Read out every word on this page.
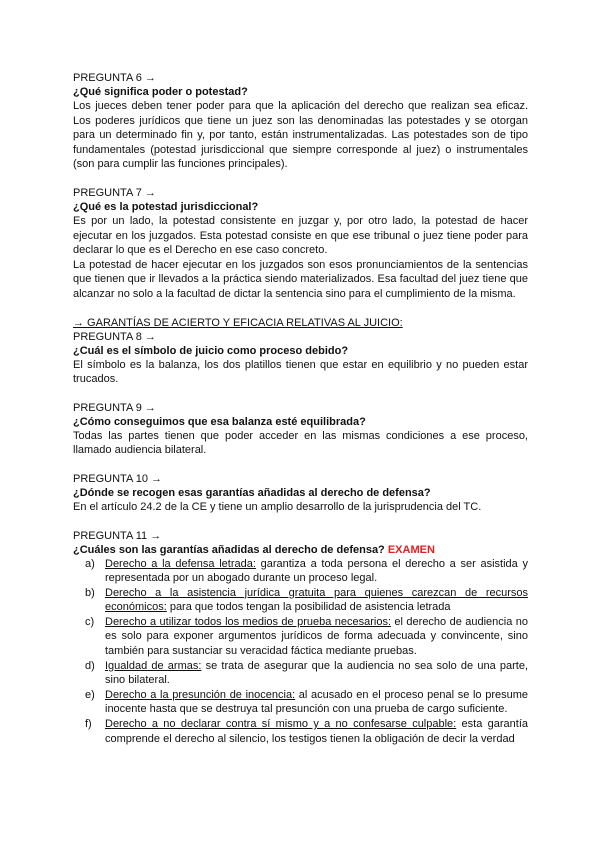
PREGUNTA 6 →

¿Qué significa poder o potestad?

Los jueces deben tener poder para que la aplicación del derecho que realizan sea eficaz. Los poderes jurídicos que tiene un juez son las denominadas las potestades y se otorgan para un determinado fin y, por tanto, están instrumentalizadas. Las potestades son de tipo fundamentales (potestad jurisdiccional que siempre corresponde al juez) o instrumentales (son para cumplir las funciones principales).

PREGUNTA 7 →

¿Qué es la potestad jurisdiccional?

Es por un lado, la potestad consistente en juzgar y, por otro lado, la potestad de hacer ejecutar en los juzgados. Esta potestad consiste en que ese tribunal o juez tiene poder para declarar lo que es el Derecho en ese caso concreto.

La potestad de hacer ejecutar en los juzgados son esos pronunciamientos de la sentencias que tienen que ir llevados a la práctica siendo materializados. Esa facultad del juez tiene que alcanzar no solo a la facultad de dictar la sentencia sino para el cumplimiento de la misma.

→ GARANTÍAS DE ACIERTO Y EFICACIA RELATIVAS AL JUICIO:

PREGUNTA 8 →

¿Cuál es el símbolo de juicio como proceso debido?

El símbolo es la balanza, los dos platillos tienen que estar en equilibrio y no pueden estar trucados.

PREGUNTA 9 →

¿Cómo conseguimos que esa balanza esté equilibrada?

Todas las partes tienen que poder acceder en las mismas condiciones a ese proceso, llamado audiencia bilateral.

PREGUNTA 10 →

¿Dónde se recogen esas garantías añadidas al derecho de defensa?

En el artículo 24.2 de la CE y tiene un amplio desarrollo de la jurisprudencia del TC.

PREGUNTA 11 →

¿Cuáles son las garantías añadidas al derecho de defensa? EXAMEN

a) Derecho a la defensa letrada: garantiza a toda persona el derecho a ser asistida y representada por un abogado durante un proceso legal.
b) Derecho a la asistencia jurídica gratuita para quienes carezcan de recursos económicos: para que todos tengan la posibilidad de asistencia letrada
c) Derecho a utilizar todos los medios de prueba necesarios: el derecho de audiencia no es solo para exponer argumentos jurídicos de forma adecuada y convincente, sino también para sustanciar su veracidad fáctica mediante pruebas.
d) Igualdad de armas: se trata de asegurar que la audiencia no sea solo de una parte, sino bilateral.
e) Derecho a la presunción de inocencia: al acusado en el proceso penal se lo presume inocente hasta que se destruya tal presunción con una prueba de cargo suficiente.
f) Derecho a no declarar contra sí mismo y a no confesarse culpable: esta garantía comprende el derecho al silencio, los testigos tienen la obligación de decir la verdad
